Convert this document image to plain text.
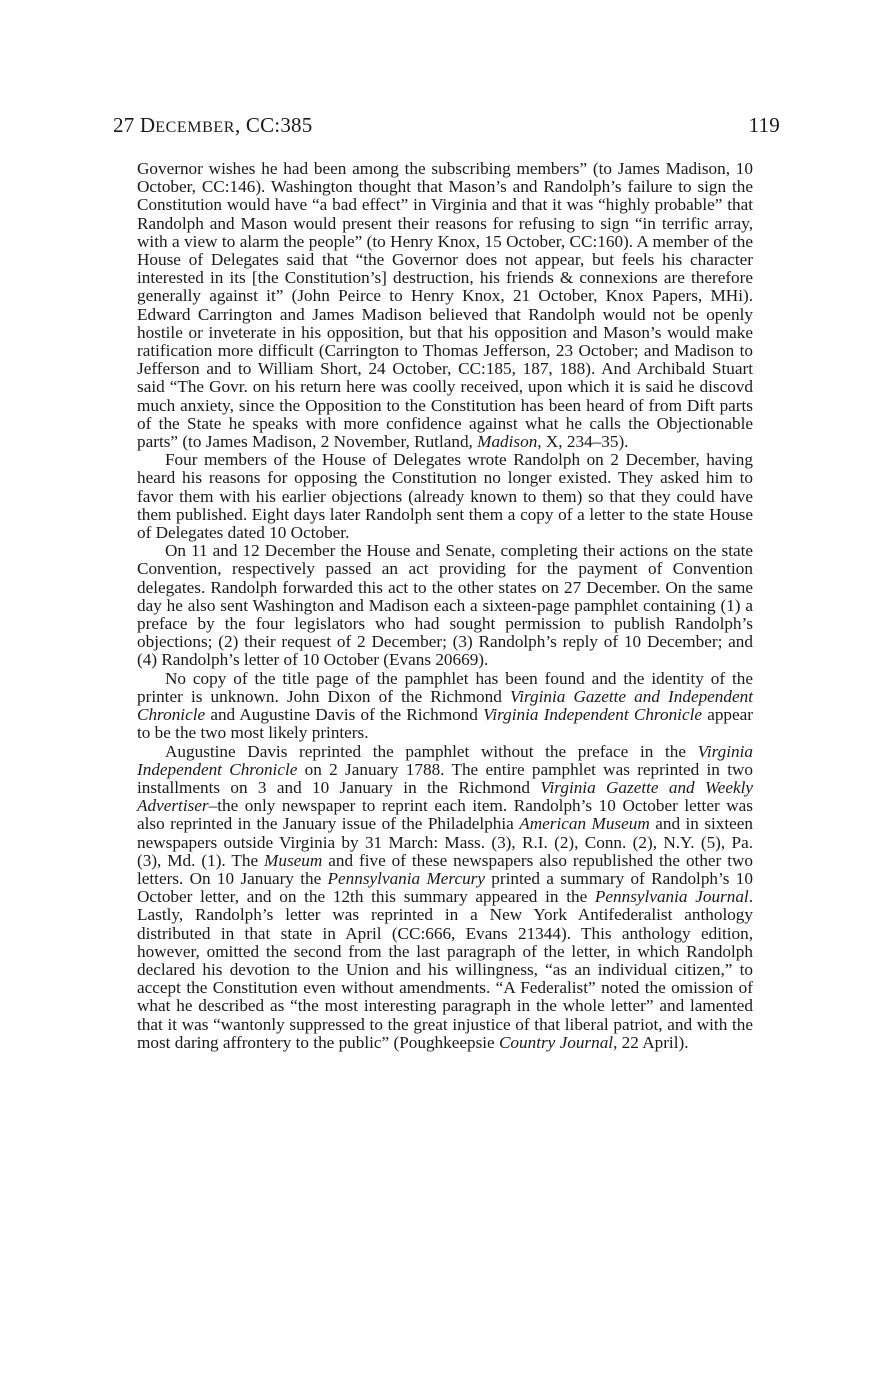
27 DECEMBER, CC:385	119

Governor wishes he had been among the subscribing members” (to James Madison, 10 October, CC:146). Washington thought that Mason’s and Randolph’s failure to sign the Constitution would have “a bad effect” in Virginia and that it was “highly probable” that Randolph and Mason would present their reasons for refusing to sign “in terrific array, with a view to alarm the people” (to Henry Knox, 15 October, CC:160). A member of the House of Delegates said that “the Governor does not appear, but feels his character interested in its [the Constitution’s] destruction, his friends & connexions are therefore generally against it” (John Peirce to Henry Knox, 21 October, Knox Papers, MHi). Edward Carrington and James Madison believed that Randolph would not be openly hostile or inveterate in his opposition, but that his opposition and Mason’s would make ratification more difficult (Carrington to Thomas Jefferson, 23 October; and Madison to Jefferson and to William Short, 24 October, CC:185, 187, 188). And Archibald Stuart said “The Govr. on his return here was coolly received, upon which it is said he discovd much anxiety, since the Opposition to the Constitution has been heard of from Dift parts of the State he speaks with more confidence against what he calls the Objectionable parts” (to James Madison, 2 November, Rutland, Madison, X, 234–35).

Four members of the House of Delegates wrote Randolph on 2 December, having heard his reasons for opposing the Constitution no longer existed. They asked him to favor them with his earlier objections (already known to them) so that they could have them published. Eight days later Randolph sent them a copy of a letter to the state House of Delegates dated 10 October.

On 11 and 12 December the House and Senate, completing their actions on the state Convention, respectively passed an act providing for the payment of Convention delegates. Randolph forwarded this act to the other states on 27 December. On the same day he also sent Washington and Madison each a sixteen-page pamphlet containing (1) a preface by the four legislators who had sought permission to publish Randolph’s objections; (2) their request of 2 December; (3) Randolph’s reply of 10 December; and (4) Randolph’s letter of 10 October (Evans 20669).

No copy of the title page of the pamphlet has been found and the identity of the printer is unknown. John Dixon of the Richmond Virginia Gazette and Independent Chronicle and Augustine Davis of the Richmond Virginia Independent Chronicle appear to be the two most likely printers.

Augustine Davis reprinted the pamphlet without the preface in the Virginia Independent Chronicle on 2 January 1788. The entire pamphlet was reprinted in two installments on 3 and 10 January in the Richmond Virginia Gazette and Weekly Advertiser–the only newspaper to reprint each item. Randolph’s 10 October letter was also reprinted in the January issue of the Philadelphia American Museum and in sixteen newspapers outside Virginia by 31 March: Mass. (3), R.I. (2), Conn. (2), N.Y. (5), Pa. (3), Md. (1). The Museum and five of these newspapers also republished the other two letters. On 10 January the Pennsylvania Mercury printed a summary of Randolph’s 10 October letter, and on the 12th this summary appeared in the Pennsylvania Journal. Lastly, Randolph’s letter was reprinted in a New York Antifederalist anthology distributed in that state in April (CC:666, Evans 21344). This anthology edition, however, omitted the second from the last paragraph of the letter, in which Randolph declared his devotion to the Union and his willingness, “as an individual citizen,” to accept the Constitution even without amendments. “A Federalist” noted the omission of what he described as “the most interesting paragraph in the whole letter” and lamented that it was “wantonly suppressed to the great injustice of that liberal patriot, and with the most daring affrontery to the public” (Poughkeepsie Country Journal, 22 April).
